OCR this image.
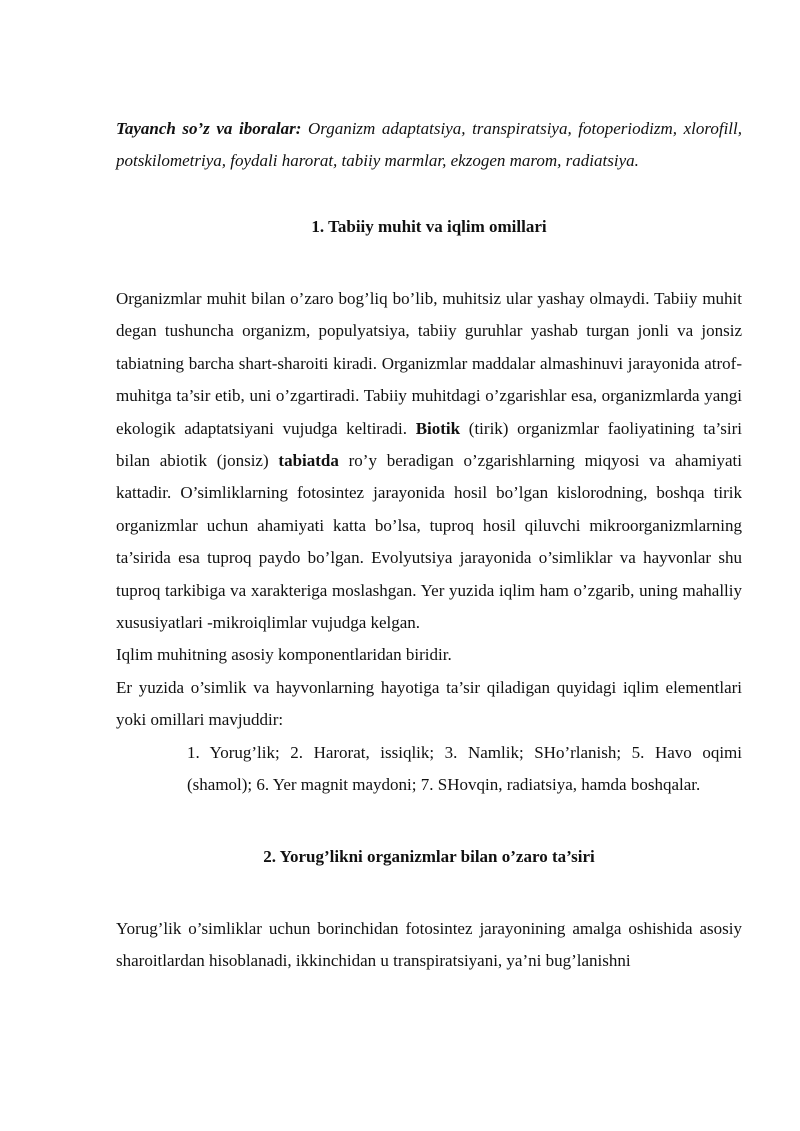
Tayanch so’z va iboralar: Organizm adaptatsiya, transpiratsiya, fotoperiodizm, xlorofill, potskilometriya, foydali harorat, tabiiy marmlar, ekzogen marom, radiatsiya.

1. Tabiiy muhit va iqlim omillari

Organizmlar muhit bilan o’zaro bog’liq bo’lib, muhitsiz ular yashay olmaydi. Tabiiy muhit degan tushuncha organizm, populyatsiya, tabiiy guruhlar yashab turgan jonli va jonsiz tabiatning barcha shart-sharoiti kiradi. Organizmlar maddalar almashinuvi jarayonida atrof-muhitga ta’sir etib, uni o’zgartiradi. Tabiiy muhitdagi o’zgarishlar esa, organizmlarda yangi ekologik adaptatsiyani vujudga keltiradi. Biotik (tirik) organizmlar faoliyatining ta’siri bilan abiotik (jonsiz) tabiatda ro’y beradigan o’zgarishlarning miqyosi va ahamiyati kattadir. O’simliklarning fotosintez jarayonida hosil bo’lgan kislorodning, boshqa tirik organizmlar uchun ahamiyati katta bo’lsa, tuproq hosil qiluvchi mikroorganizmlarning ta’sirida esa tuproq paydo bo’lgan. Evolyutsiya jarayonida o’simliklar va hayvonlar shu tuproq tarkibiga va xarakteriga moslashgan. Yer yuzida iqlim ham o’zgarib, uning mahalliy xususiyatlari -mikroiqlimlar vujudga kelgan.

Iqlim muhitning asosiy komponentlaridan biridir.

Er yuzida o’simlik va hayvonlarning hayotiga ta’sir qiladigan quyidagi iqlim elementlari yoki omillari mavjuddir:

1. Yorug’lik; 2. Harorat, issiqlik; 3. Namlik; SHo’rlanish; 5. Havo oqimi (shamol); 6. Yer magnit maydoni; 7. SHovqin, radiatsiya, hamda boshqalar.

2. Yorug’likni organizmlar bilan o’zaro ta’siri

Yorug’lik o’simliklar uchun borinchidan fotosintez jarayonining amalga oshishida asosiy sharoitlardan hisoblanadi, ikkinchidan u transpiratsiyani, ya’ni bug’lanishni
